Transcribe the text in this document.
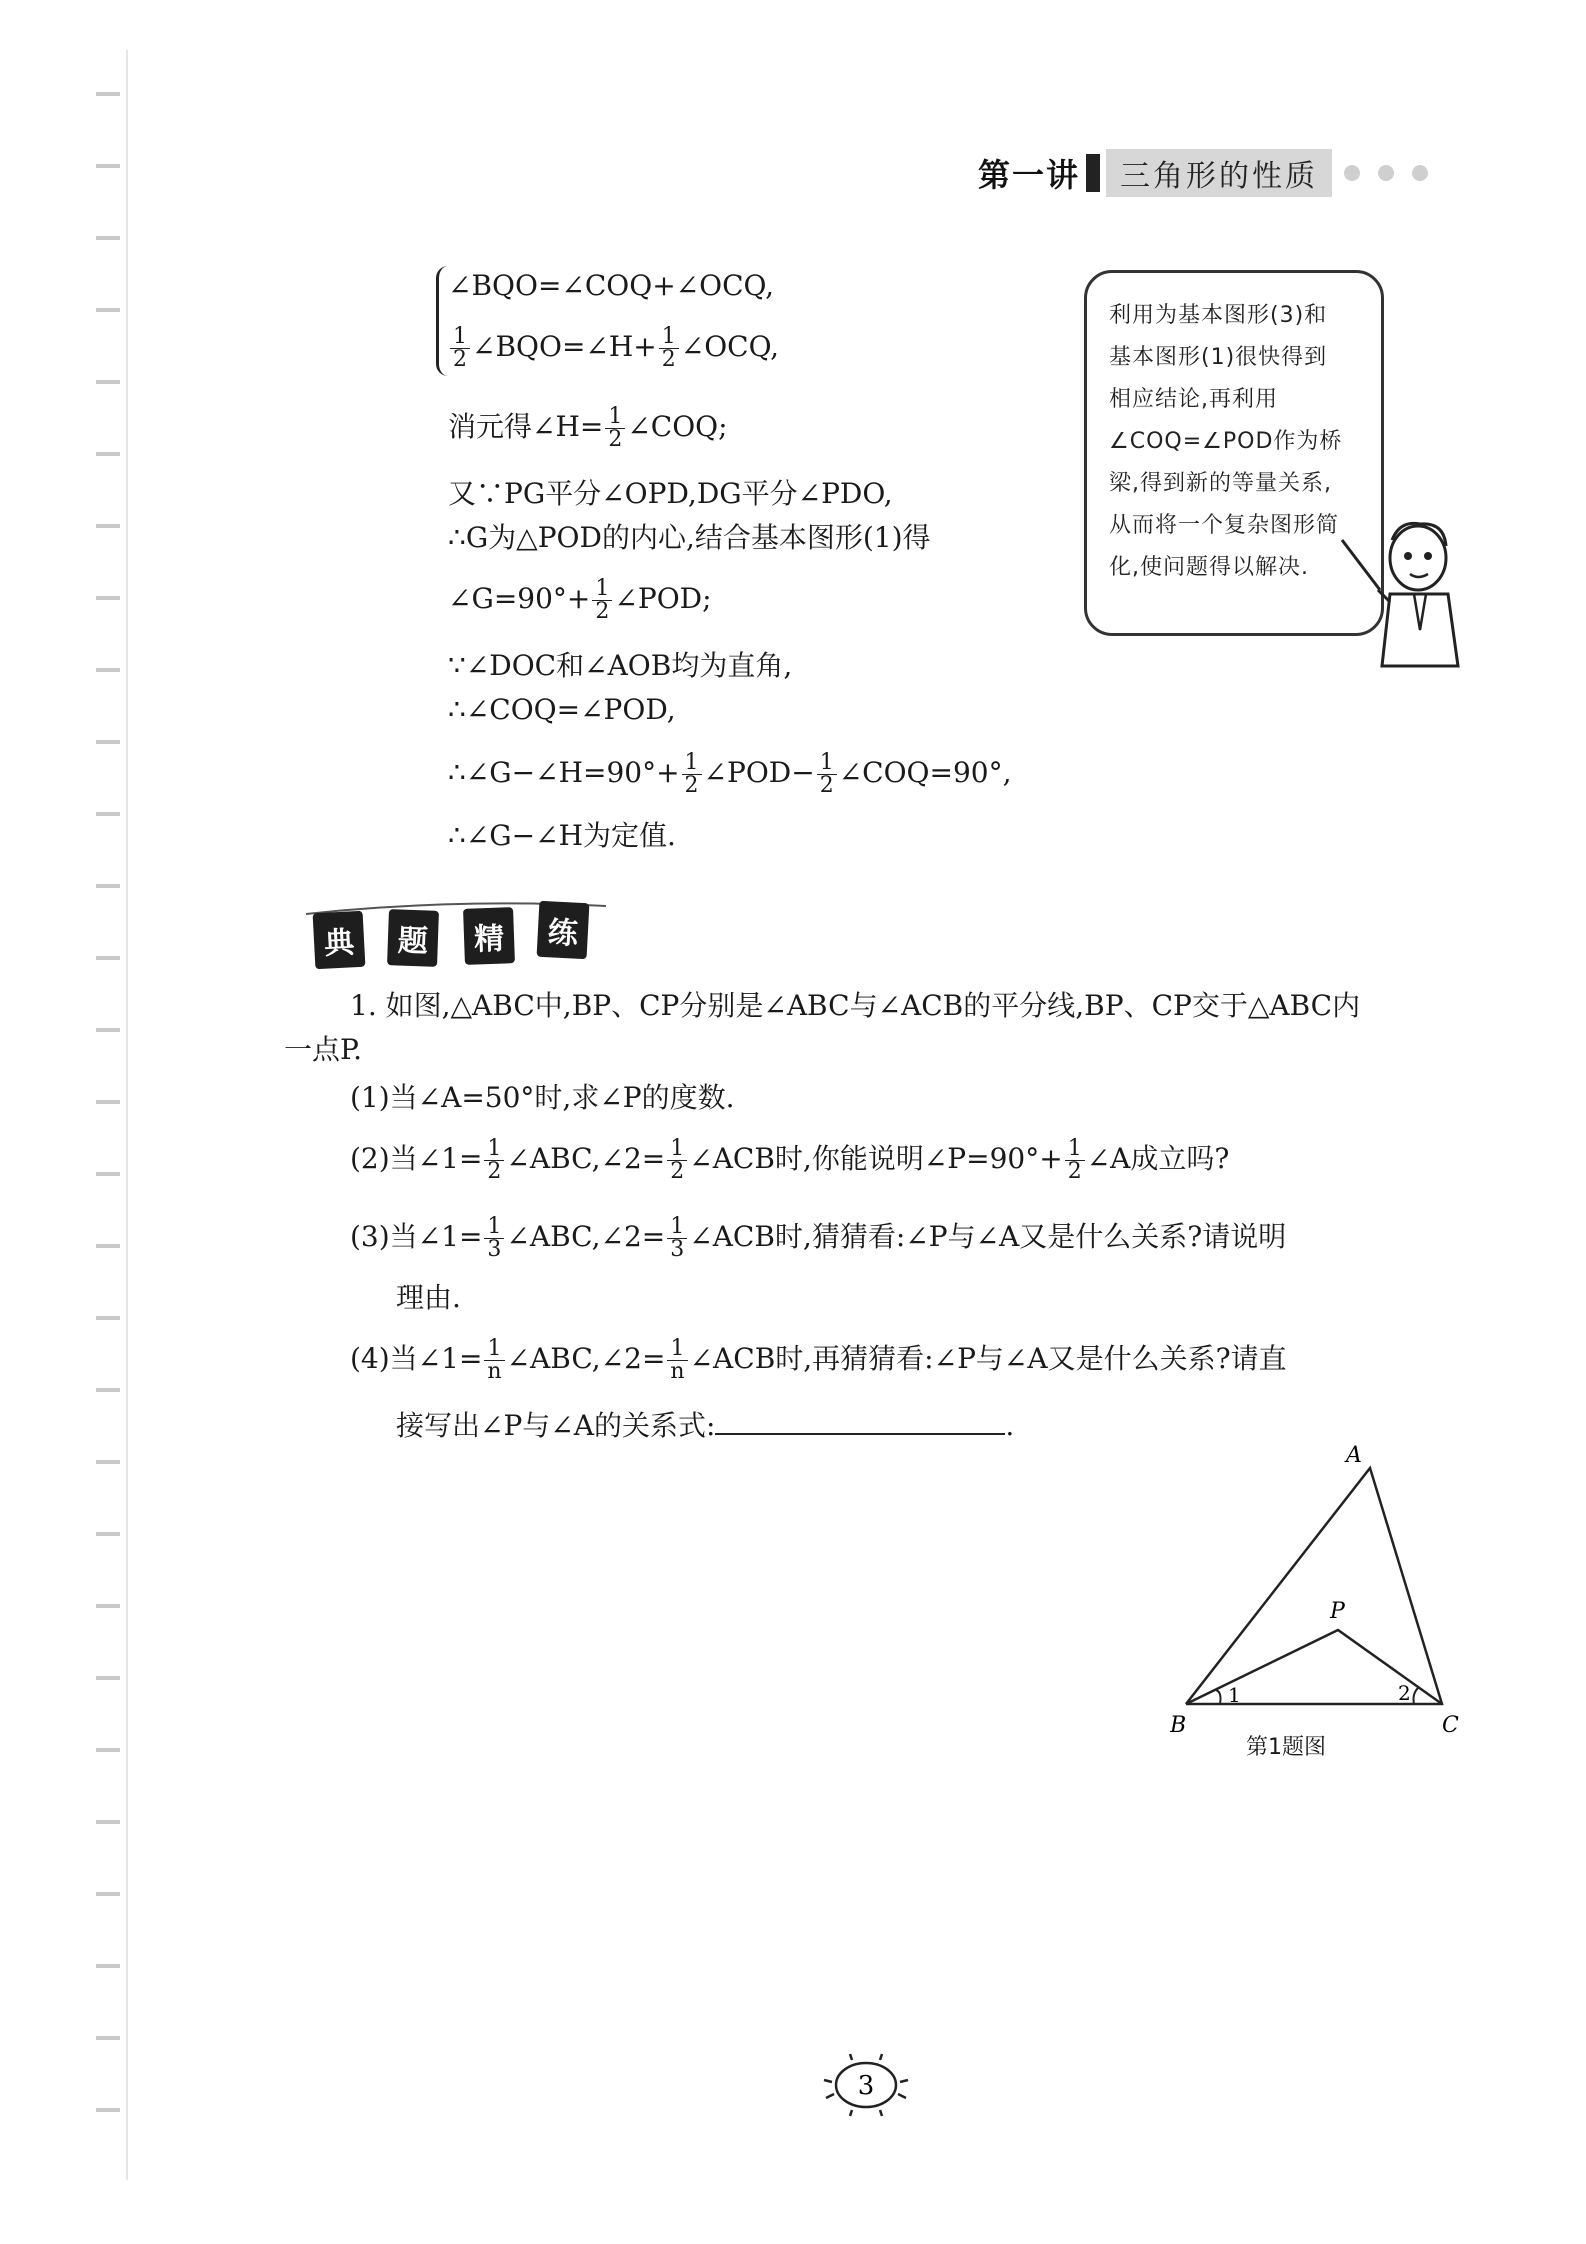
第一讲	三角形的性质
∠BQO=∠COQ+∠OCQ,
$\frac{1}{2}$ ∠BQO=∠H+ $\frac{1}{2}$ ∠OCQ,
消元得∠H= $\frac{1}{2}$ ∠COQ;
又∵PG平分∠OPD,DG平分∠PDO,
∴G为△POD的内心,结合基本图形(1)得
∠G=90°+ $\frac{1}{2}$ ∠POD;
∵∠DOC和∠AOB均为直角,
∴∠COQ=∠POD,
∴∠G−∠H=90°+ $\frac{1}{2}$ ∠POD− $\frac{1}{2}$ ∠COQ=90°,
∴∠G−∠H为定值.
利用为基本图形(3)和基本图形(1)很快得到相应结论,再利用∠COQ=∠POD作为桥梁,得到新的等量关系,从而将一个复杂图形简化,使问题得以解决.
典	题	精	练
1. 如图,△ABC中,BP、CP分别是∠ABC与∠ACB的平分线,BP、CP交于△ABC内
一点P.
(1)当∠A=50°时,求∠P的度数.
(2)当∠1= $\frac{1}{2}$ ∠ABC,∠2= $\frac{1}{2}$ ∠ACB时,你能说明∠P=90°+ $\frac{1}{2}$ ∠A成立吗?
(3)当∠1= $\frac{1}{3}$ ∠ABC,∠2= $\frac{1}{3}$ ∠ACB时,猜猜看:∠P与∠A又是什么关系?请说明
理由.
(4)当∠1= $\frac{1}{n}$ ∠ABC,∠2= $\frac{1}{n}$ ∠ACB时,再猜猜看:∠P与∠A又是什么关系?请直
接写出∠P与∠A的关系式:	.
A
B	C
P
1	2
第1题图
3
